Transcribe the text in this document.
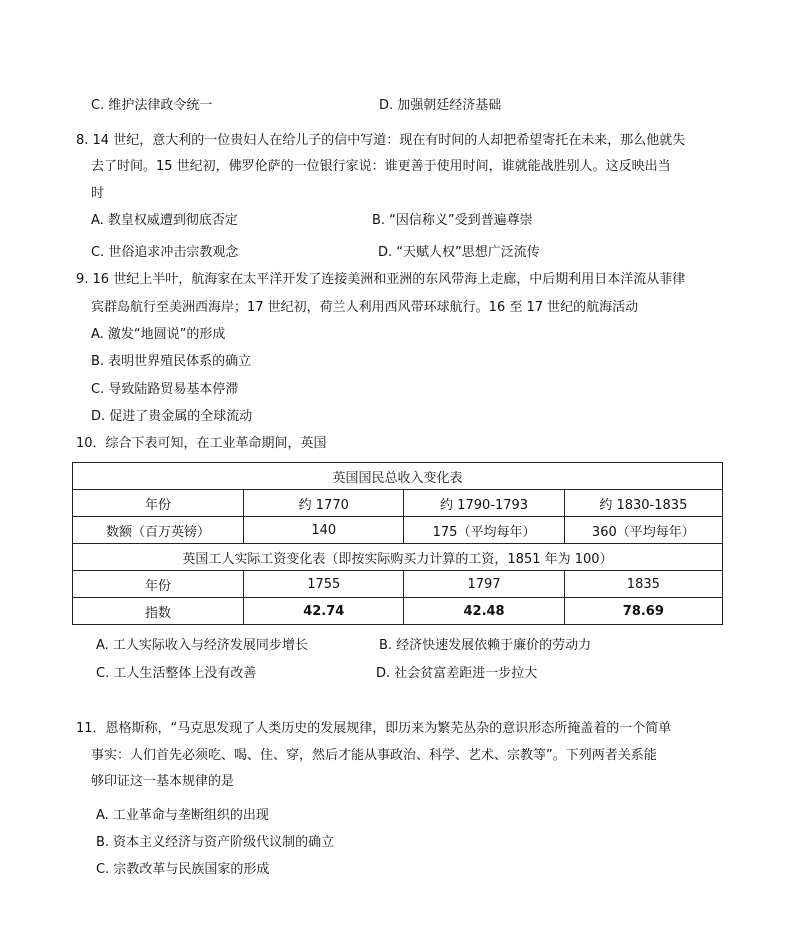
C. 维护法律政令统一	D. 加强朝廷经济基础
8. 14 世纪，意大利的一位贵妇人在给儿子的信中写道：现在有时间的人却把希望寄托在未来，那么他就失
去了时间。15 世纪初，佛罗伦萨的一位银行家说：谁更善于使用时间，谁就能战胜别人。这反映出当
时
A. 教皇权威遭到彻底否定	B. “因信称义”受到普遍尊崇
C. 世俗追求冲击宗教观念	D. “天赋人权”思想广泛流传
9. 16 世纪上半叶，航海家在太平洋开发了连接美洲和亚洲的东风带海上走廊，中后期利用日本洋流从菲律
宾群岛航行至美洲西海岸；17 世纪初，荷兰人利用西风带环球航行。16 至 17 世纪的航海活动
A. 激发“地圆说”的形成
B. 表明世界殖民体系的确立
C. 导致陆路贸易基本停滞
D. 促进了贵金属的全球流动
10．综合下表可知，在工业革命期间，英国
英国国民总收入变化表			
年份	约 1770	约 1790-1793	约 1830-1835
数额（百万英镑）	140	175（平均每年）	360（平均每年）
英国工人实际工资变化表（即按实际购买力计算的工资，1851 年为 100）			
年份	1755	1797	1835
指数	42.74	42.48	78.69
A. 工人实际收入与经济发展同步增长	B. 经济快速发展依赖于廉价的劳动力
C. 工人生活整体上没有改善	D. 社会贫富差距进一步拉大
11．恩格斯称，“马克思发现了人类历史的发展规律，即历来为繁芜丛杂的意识形态所掩盖着的一个简单
事实：人们首先必须吃、喝、住、穿，然后才能从事政治、科学、艺术、宗教等”。下列两者关系能
够印证这一基本规律的是
A. 工业革命与垄断组织的出现
B. 资本主义经济与资产阶级代议制的确立
C. 宗教改革与民族国家的形成
